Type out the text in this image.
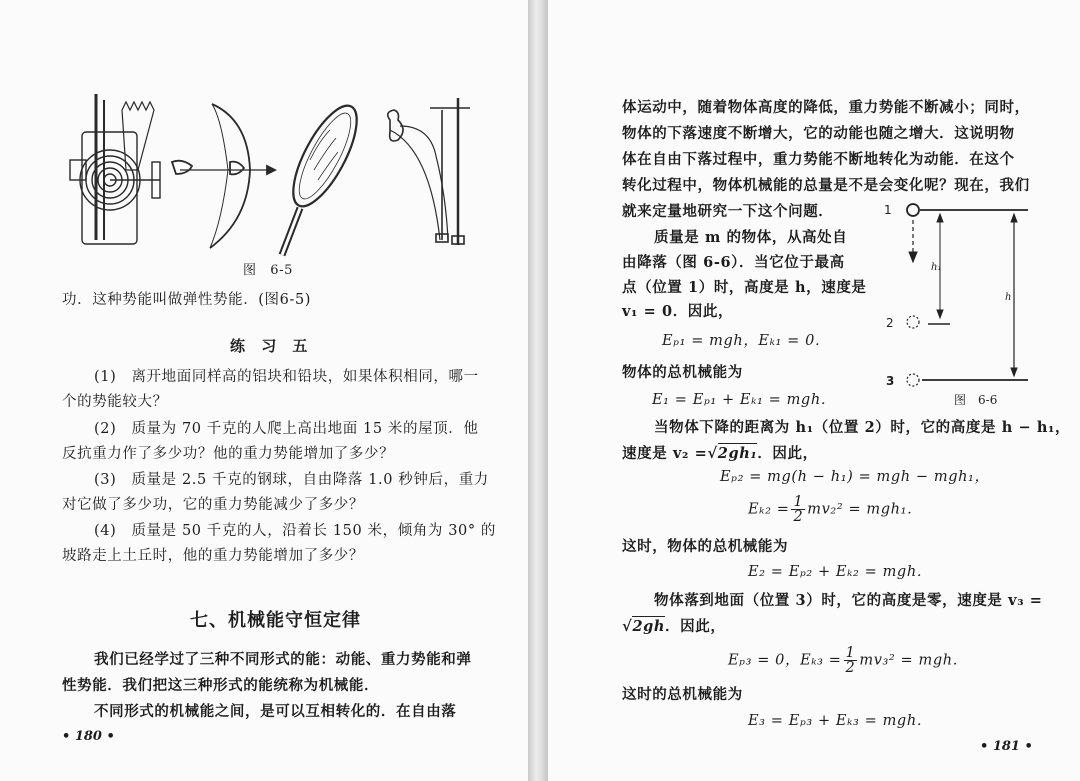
图　6-5
功．这种势能叫做弹性势能．(图6-5)
练　习　五
(1)　离开地面同样高的铝块和铅块，如果体积相同，哪一
个的势能较大？
(2)　质量为 70 千克的人爬上高出地面 15 米的屋顶．他
反抗重力作了多少功？他的重力势能增加了多少？
(3)　质量是 2.5 千克的钢球，自由降落 1.0 秒钟后，重力
对它做了多少功，它的重力势能减少了多少？
(4)　质量是 50 千克的人，沿着长 150 米，倾角为 30° 的
坡路走上土丘时，他的重力势能增加了多少？
七、机械能守恒定律
我们已经学过了三种不同形式的能：动能、重力势能和弹
性势能．我们把这三种形式的能统称为机械能．
不同形式的机械能之间，是可以互相转化的．在自由落
• 180 •
体运动中，随着物体高度的降低，重力势能不断减小；同时，
物体的下落速度不断增大，它的动能也随之增大．这说明物
体在自由下落过程中，重力势能不断地转化为动能．在这个
转化过程中，物体机械能的总量是不是会变化呢？现在，我们
就来定量地研究一下这个问题．
质量是 m 的物体，从高处自
由降落（图 6-6）．当它位于最高
点（位置 1）时，高度是 h，速度是
v₁ = 0．因此，
Eₚ₁ = mgh，Eₖ₁ = 0．
物体的总机械能为
E₁ = Eₚ₁ + Eₖ₁ = mgh．
当物体下降的距离为 h₁（位置 2）时，它的高度是 h − h₁，
速度是 v₂ =√2gh₁．因此，
Eₚ₂ = mg(h − h₁) = mgh − mgh₁，
$E_{k2} = \frac{1}{2} mv_2^2 = mgh_1$．
这时，物体的总机械能为
E₂ = Eₚ₂ + Eₖ₂ = mgh．
物体落到地面（位置 3）时，它的高度是零，速度是 v₃ =
√2gh．因此，
Eₚ₃ = 0，$E_{k3} = \frac{1}{2} mv_3^2$ = mgh．
这时的总机械能为
E₃ = Eₚ₃ + Eₖ₃ = mgh．
• 181 •
1
2
3
h₁
h
图　6-6
